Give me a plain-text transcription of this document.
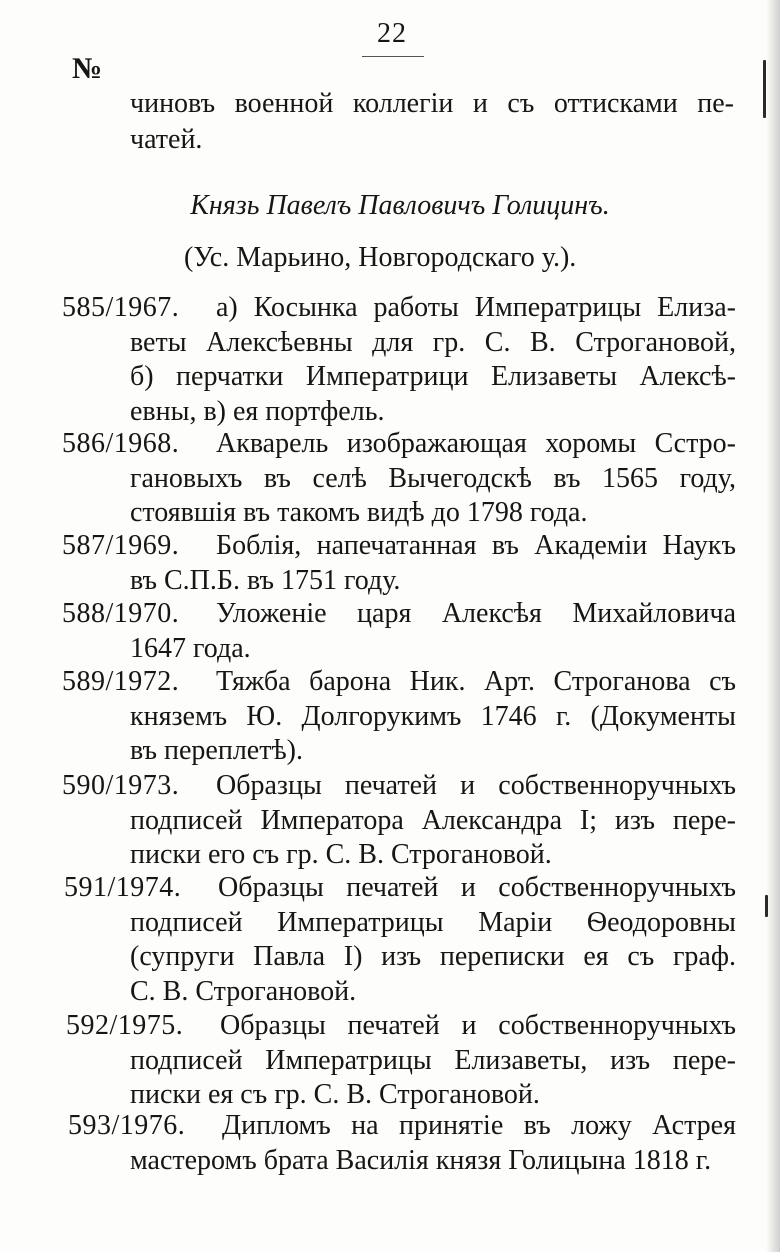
22
№
чиновъ военной коллегіи и съ оттисками пе-
чатей.
Князь Павелъ Павловичъ Голицинъ.
(Ус. Марьино, Новгородскаго у.).
585/1967. а) Косынка работы Императрицы Елиза-
веты Алексѣевны для гр. С. В. Строгановой,
б) перчатки Императрици Елизаветы Алексѣ-
евны, в) ея портфель.
586/1968. Акварель изображающая хоромы Сстро-
гановыхъ въ селѣ Вычегодскѣ въ 1565 году,
стоявшія въ такомъ видѣ до 1798 года.
587/1969. Боблія, напечатанная въ Академіи Наукъ
въ С.П.Б. въ 1751 году.
588/1970. Уложеніе царя Алексѣя Михайловича
1647 года.
589/1972. Тяжба барона Ник. Арт. Строганова съ
княземъ Ю. Долгорукимъ 1746 г. (Документы
въ переплетѣ).
590/1973. Образцы печатей и собственноручныхъ
подписей Императора Александра I; изъ пере-
писки его съ гр. С. В. Строгановой.
591/1974. Образцы печатей и собственноручныхъ
подписей Императрицы Маріи Ѳеодоровны
(супруги Павла I) изъ переписки ея съ граф.
С. В. Строгановой.
592/1975. Образцы печатей и собственноручныхъ
подписей Императрицы Елизаветы, изъ пере-
писки ея съ гр. С. В. Строгановой.
593/1976. Дипломъ на принятіе въ ложу Астрея
мастеромъ брата Василія князя Голицына 1818 г.
